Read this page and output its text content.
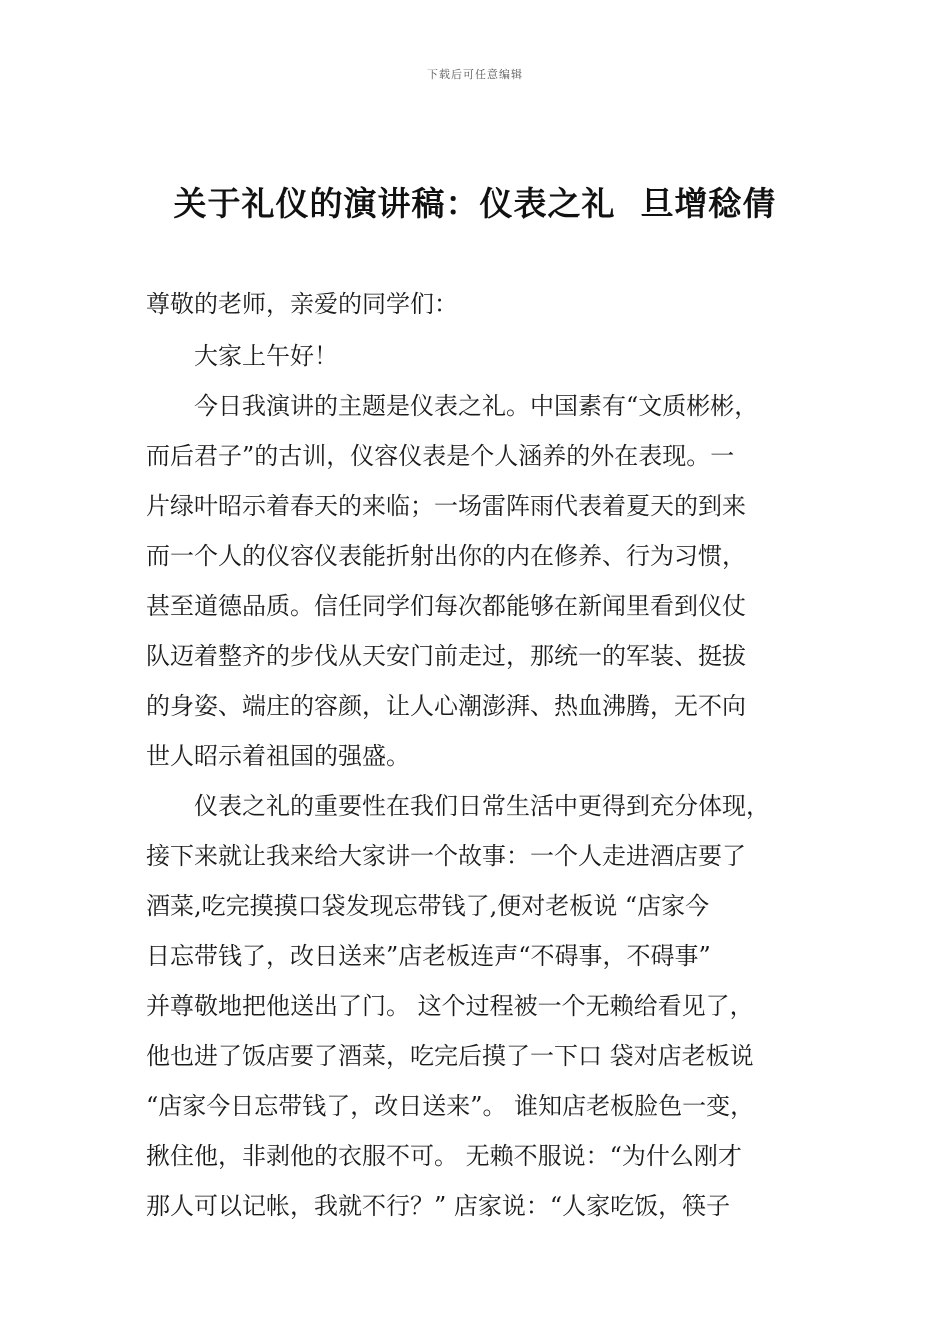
下载后可任意编辑
关于礼仪的演讲稿：仪表之礼  旦增稔倩
尊敬的老师，亲爱的同学们：
大家上午好！
今日我演讲的主题是仪表之礼。中国素有“文质彬彬，
而后君子”的古训，仪容仪表是个人涵养的外在表现。一
片绿叶昭示着春天的来临；一场雷阵雨代表着夏天的到来
而一个人的仪容仪表能折射出你的内在修养、行为习惯，
甚至道德品质。信任同学们每次都能够在新闻里看到仪仗
队迈着整齐的步伐从天安门前走过，那统一的军装、挺拔
的身姿、端庄的容颜，让人心潮澎湃、热血沸腾，无不向
世人昭示着祖国的强盛。
仪表之礼的重要性在我们日常生活中更得到充分体现，
接下来就让我来给大家讲一个故事：一个人走进酒店要了
酒菜,吃完摸摸口袋发现忘带钱了,便对老板说 “店家今
日忘带钱了，改日送来”店老板连声“不碍事，不碍事”
并尊敬地把他送出了门。 这个过程被一个无赖给看见了，
他也进了饭店要了酒菜，吃完后摸了一下口 袋对店老板说
“店家今日忘带钱了，改日送来”。 谁知店老板脸色一变，
揪住他，非剥他的衣服不可。 无赖不服说：“为什么刚才
那人可以记帐，我就不行？” 店家说：“人家吃饭，筷子
